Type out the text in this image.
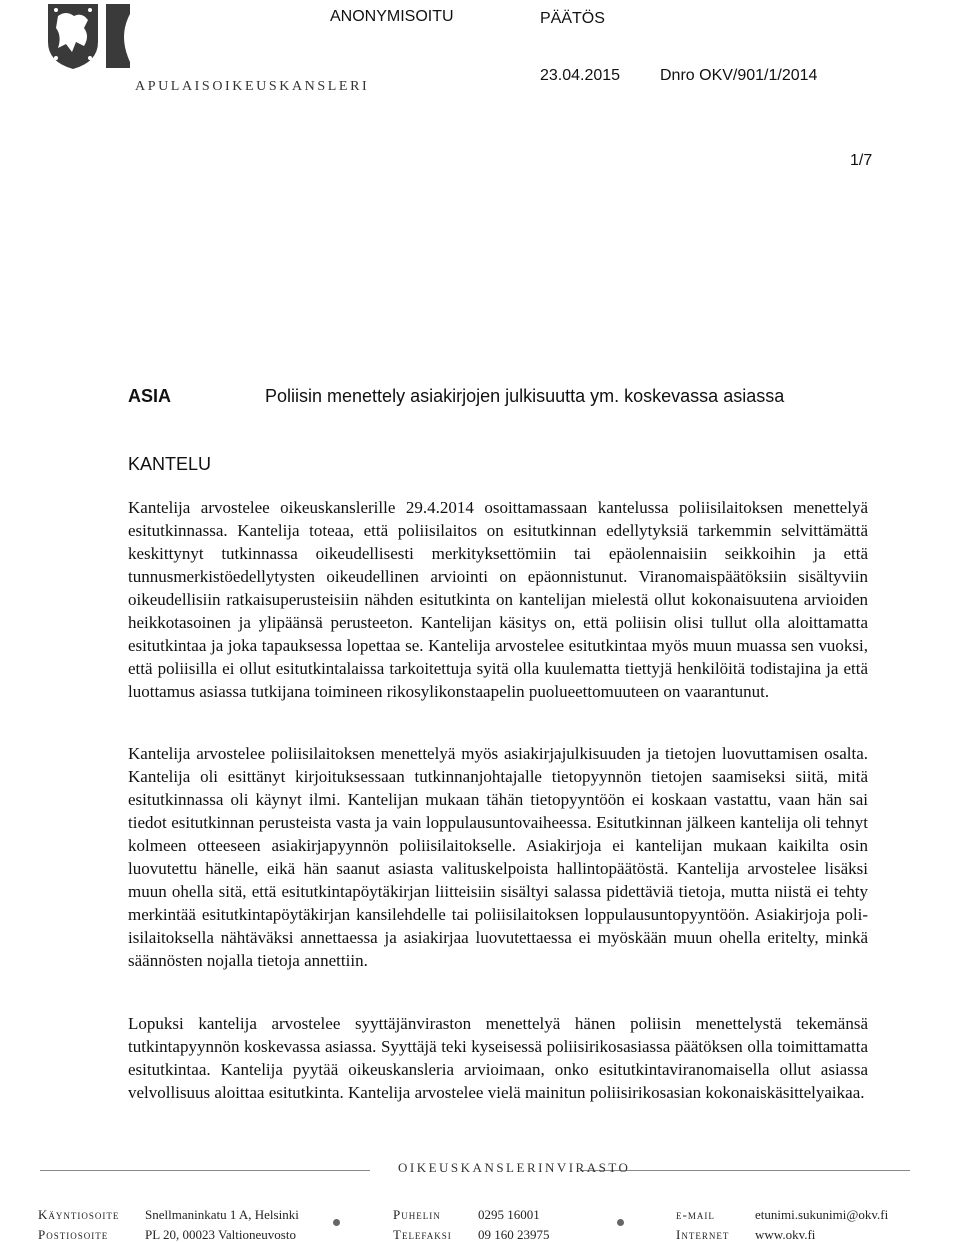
APULAISOIKEUSKANSLERI
ANONYMISOITU	PÄÄTÖS
23.04.2015 Dnro OKV/901/1/2014
1/7
ASIA	Poliisin menettely asiakirjojen julkisuutta ym. koskevassa asiassa
KANTELU
Kantelija arvostelee oikeuskanslerille 29.4.2014 osoittamassaan kantelussa poliisilaitoksen menettelyä esitutkinnassa. Kantelija toteaa, että poliisilaitos on esitutkinnan edellytyksiä tarkemmin selvittämättä keskittynyt tutkinnassa oikeudellisesti merkityksettömiin tai epäolennaisiin seikkoihin ja että tunnusmerkistöedellytysten oikeudellinen arviointi on epäonnistunut. Viranomaispäätöksiin sisältyviin oikeudellisiin ratkaisuperusteisiin nähden esitutkinta on kantelijan mielestä ollut kokonaisuutena arvioiden heikkotasoinen ja ylipäänsä perusteeton. Kantelijan käsitys on, että poliisin olisi tullut olla aloittamatta esitutkintaa ja joka tapauksessa lopettaa se. Kantelija arvostelee esitutkintaa myös muun muassa sen vuoksi, että poliisilla ei ollut esitutkintalaissa tarkoitettuja syitä olla kuulematta tiettyjä henkilöitä todistajina ja että luottamus asiassa tutkijana toimineen rikosylikonstaapelin puolueettomuuteen on vaarantunut.
Kantelija arvostelee poliisilaitoksen menettelyä myös asiakirjajulkisuuden ja tietojen luovuttamisen osalta. Kantelija oli esittänyt kirjoituksessaan tutkinnanjohtajalle tietopyynnön tietojen saamiseksi siitä, mitä esitutkinnassa oli käynyt ilmi. Kantelijan mukaan tähän tietopyyntöön ei koskaan vastattu, vaan hän sai tiedot esitutkinnan perusteista vasta ja vain loppulausuntovaiheessa. Esitutkinnan jälkeen kantelija oli tehnyt kolmeen otteeseen asiakirjapyynnön poliisilaitokselle. Asiakirjoja ei kantelijan mukaan kaikilta osin luovutettu hänelle, eikä hän saanut asiasta valituskelpoista hallintopäätöstä. Kantelija arvostelee lisäksi muun ohella sitä, että esitutkintapöytäkirjan liitteisiin sisältyi salassa pidettäviä tietoja, mutta niistä ei tehty merkintää esitutkintapöytäkirjan kansilehdelle tai poliisilaitoksen loppulausuntopyyntöön. Asiakirjoja poliisilaitoksella nähtäväksi annettaessa ja asiakirjaa luovutettaessa ei myöskään muun ohella eritelty, minkä säännösten nojalla tietoja annettiin.
Lopuksi kantelija arvostelee syyttäjänviraston menettelyä hänen poliisin menettelystä tekemänsä tutkintapyynnön koskevassa asiassa. Syyttäjä teki kyseisessä poliisirikosasiassa päätöksen olla toimittamatta esitutkintaa. Kantelija pyytää oikeuskansleria arvioimaan, onko esitutkintaviranomaisella ollut asiassa velvollisuus aloittaa esitutkinta. Kantelija arvostelee vielä mainitun poliisirikosasian kokonaiskäsittelyaikaa.
OIKEUSKANSLERINVIRASTO
Käyntiosoite Snellmaninkatu 1 A, Helsinki
Postiosoite	PL 20, 00023 Valtioneuvosto
Puhelin	0295 16001
Telefaksi 09 160 23975
e-mail	etunimi.sukunimi@okv.fi
Internet www.okv.fi
